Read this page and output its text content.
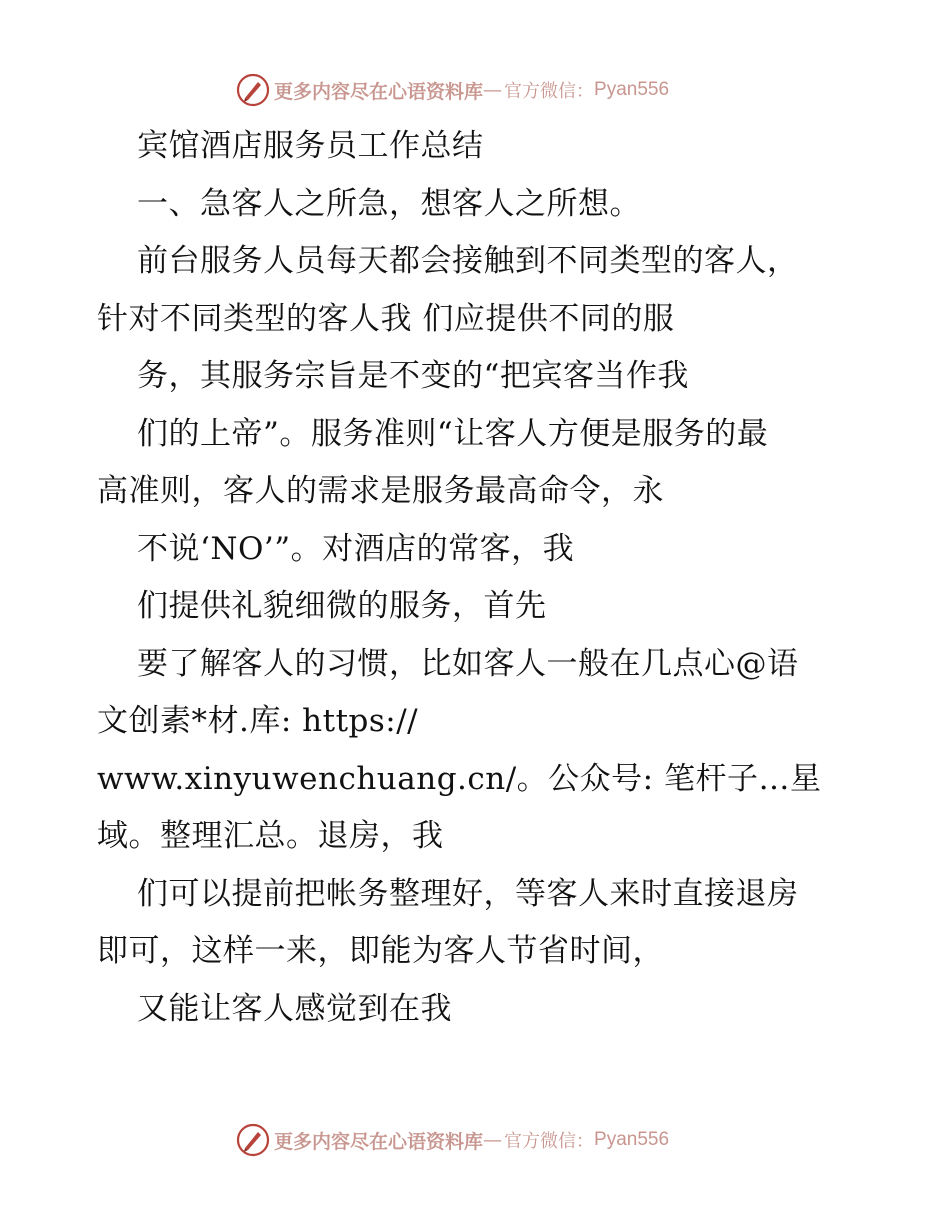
更多内容尽在心语资料库 — 官方微信： Pyan556
宾馆酒店服务员工作总结
一、急客人之所急，想客人之所想。
前台服务人员每天都会接触到不同类型的客人，
针对不同类型的客人我 们应提供不同的服
务，其服务宗旨是不变的“把宾客当作我
们的上帝”。服务准则“让客人方便是服务的最
高准则，客人的需求是服务最高命令，永
不说‘NO’”。对酒店的常客，我
们提供礼貌细微的服务，首先
要了解客人的习惯，比如客人一般在几点心@语
文创素*材.库: https://
www.xinyuwenchuang.cn/。公众号: 笔杆子…星
域。整理汇总。退房，我
们可以提前把帐务整理好，等客人来时直接退房
即可，这样一来，即能为客人节省时间，
又能让客人感觉到在我
更多内容尽在心语资料库 — 官方微信： Pyan556
